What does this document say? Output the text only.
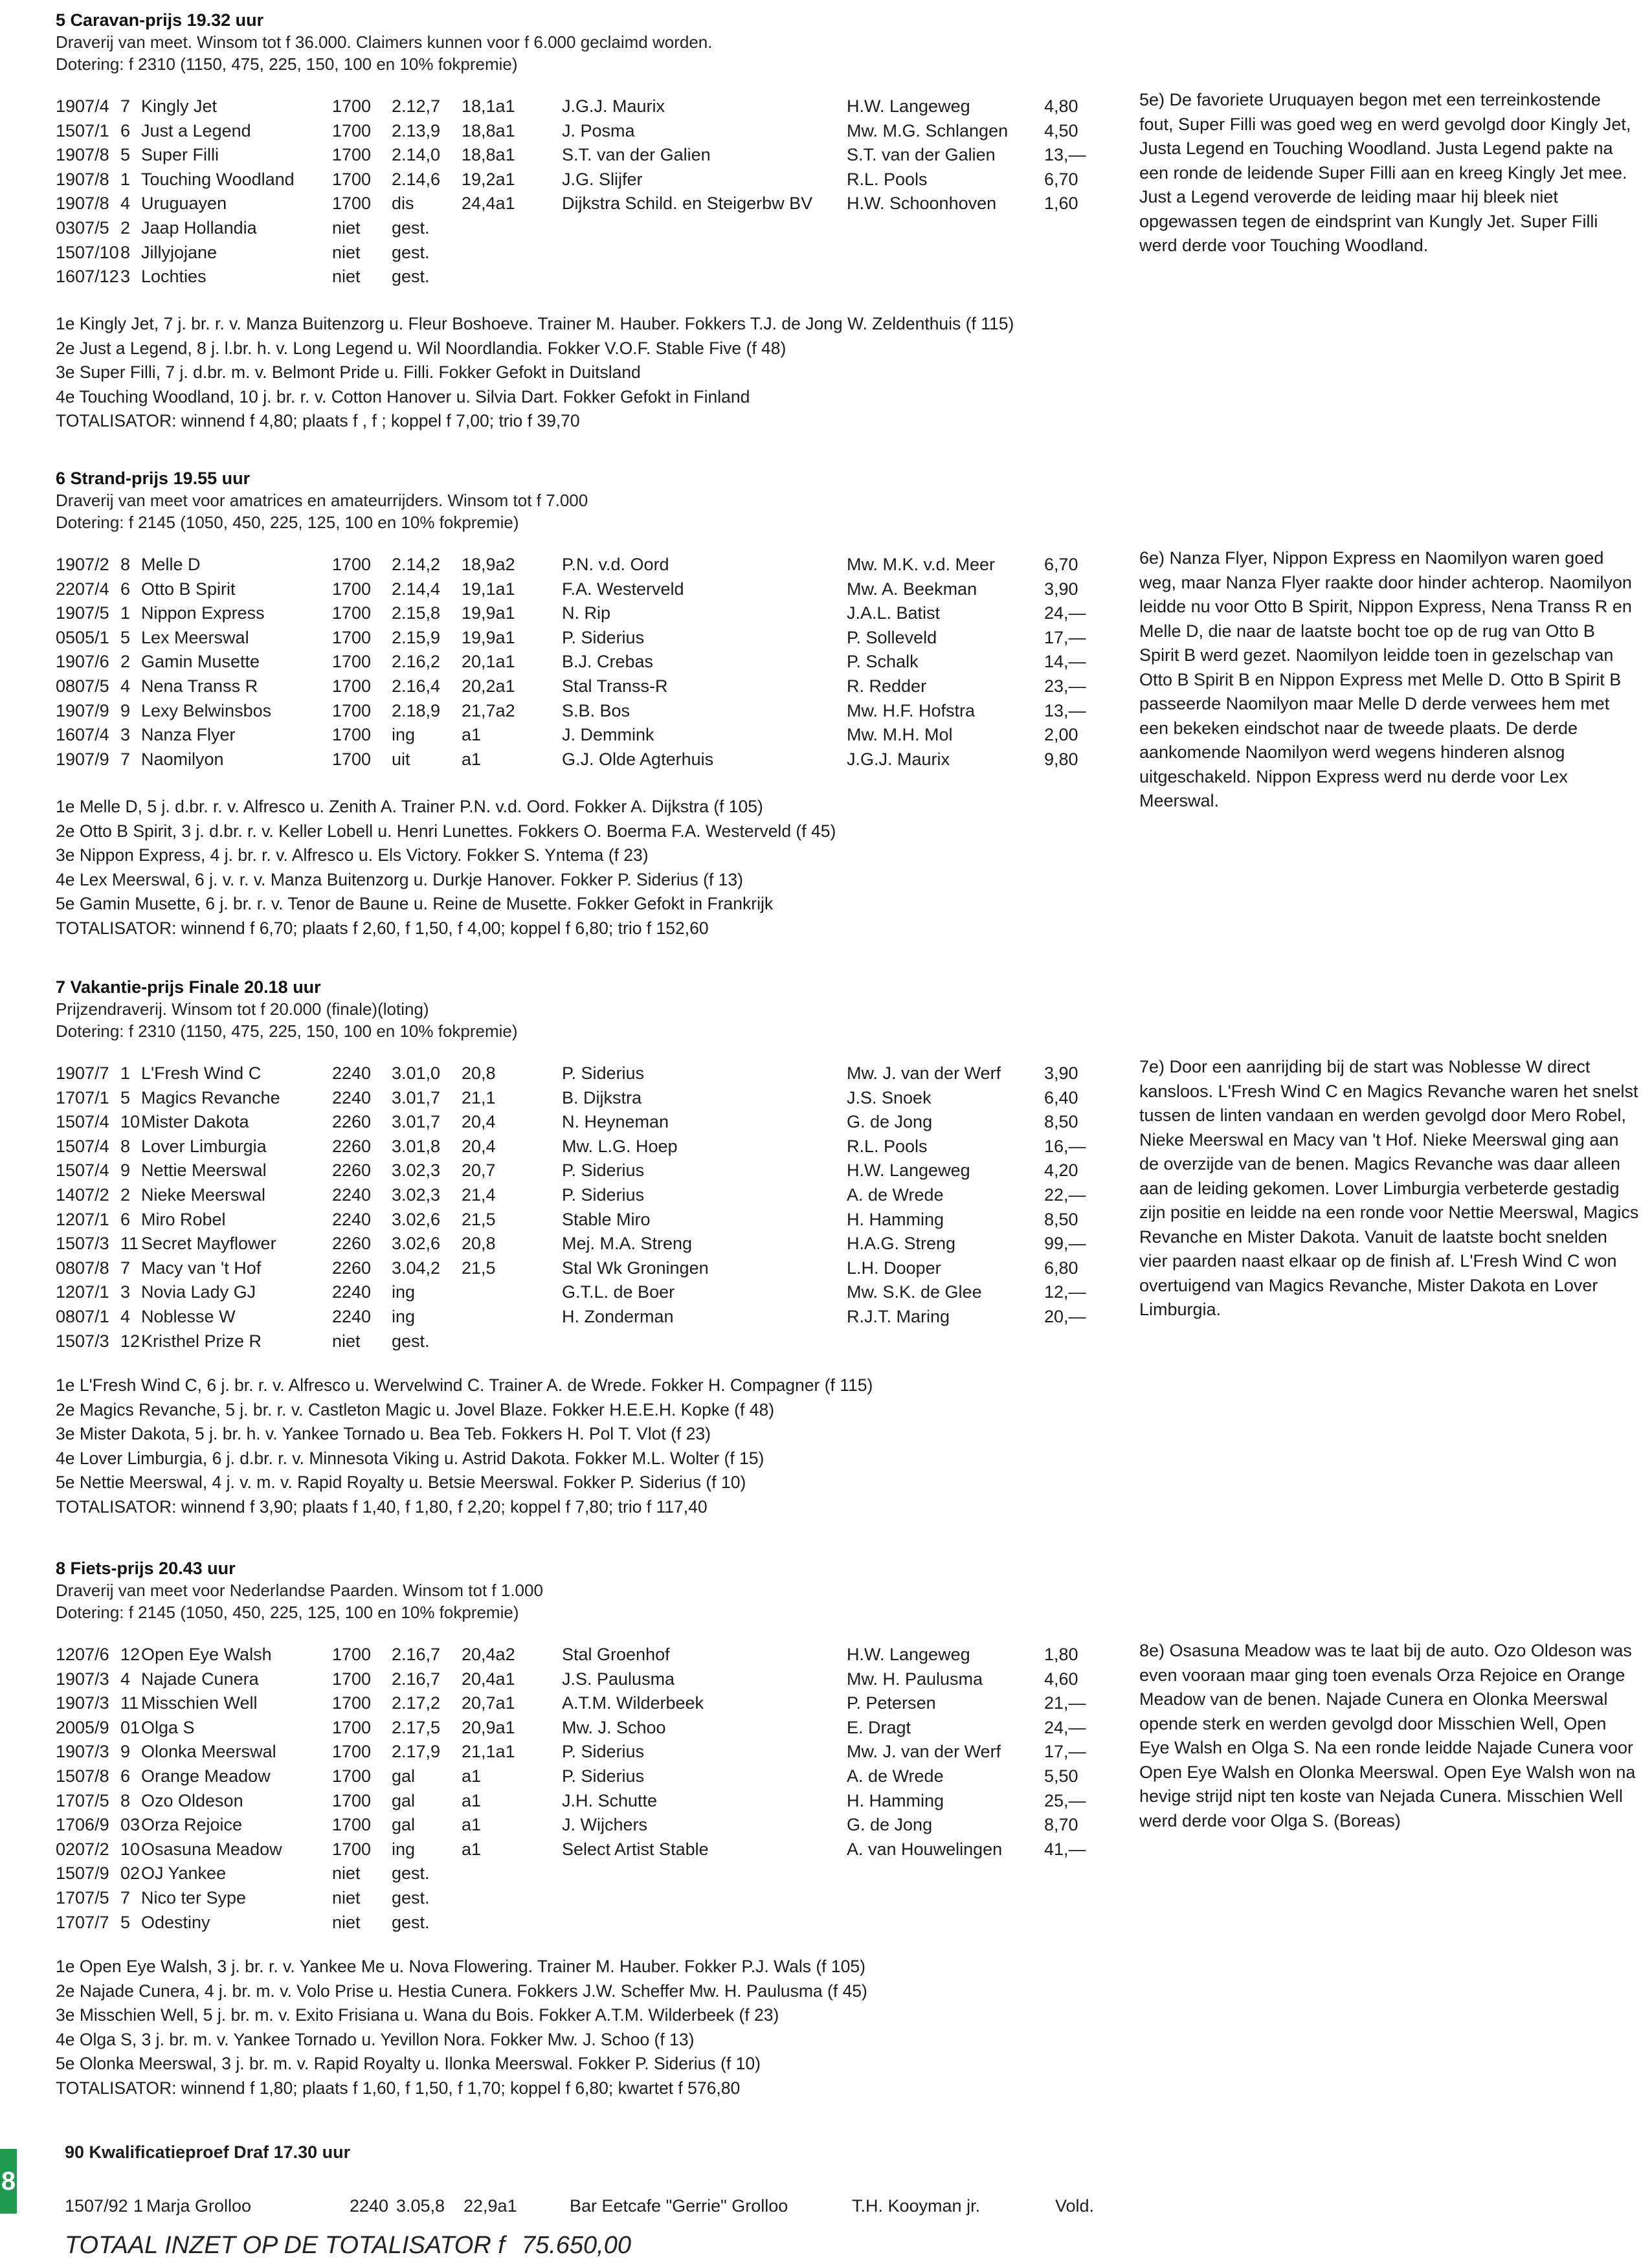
5 Caravan-prijs 19.32 uur
Draverij van meet. Winsom tot f 36.000. Claimers kunnen voor f 6.000 geclaimd worden.
Dotering: f 2310 (1150, 475, 225, 150, 100 en 10% fokpremie)
1907/4	7	Kingly Jet	1700	2.12,7	18,1a1	J.G.J. Maurix	H.W. Langeweg	4,80
1507/1	6	Just a Legend	1700	2.13,9	18,8a1	J. Posma	Mw. M.G. Schlangen	4,50
1907/8	5	Super Filli	1700	2.14,0	18,8a1	S.T. van der Galien	S.T. van der Galien	13,—
1907/8	1	Touching Woodland	1700	2.14,6	19,2a1	J.G. Slijfer	R.L. Pools	6,70
1907/8	4	Uruguayen	1700	dis	24,4a1	Dijkstra Schild. en Steigerbw BV	H.W. Schoonhoven	1,60
0307/5	2	Jaap Hollandia	niet	gest.				
1507/10	8	Jillyjojane	niet	gest.				
1607/12	3	Lochties	niet	gest.				
5e) De favoriete Uruquayen begon met een terreinkostende fout, Super Filli was goed weg en werd gevolgd door Kingly Jet, Justa Legend en Touching Woodland. Justa Legend pakte na een ronde de leidende Super Filli aan en kreeg Kingly Jet mee. Just a Legend veroverde de leiding maar hij bleek niet opgewassen tegen de eindsprint van Kungly Jet. Super Filli werd derde voor Touching Woodland.
1e Kingly Jet, 7 j. br. r. v. Manza Buitenzorg u. Fleur Boshoeve. Trainer M. Hauber. Fokkers T.J. de Jong W. Zeldenthuis (f 115)
2e Just a Legend, 8 j. l.br. h. v. Long Legend u. Wil Noordlandia. Fokker V.O.F. Stable Five (f 48)
3e Super Filli, 7 j. d.br. m. v. Belmont Pride u. Filli. Fokker Gefokt in Duitsland
4e Touching Woodland, 10 j. br. r. v. Cotton Hanover u. Silvia Dart. Fokker Gefokt in Finland
TOTALISATOR: winnend f 4,80; plaats f , f ; koppel f 7,00; trio f 39,70
6 Strand-prijs 19.55 uur
Draverij van meet voor amatrices en amateurrijders. Winsom tot f 7.000
Dotering: f 2145 (1050, 450, 225, 125, 100 en 10% fokpremie)
1907/2	8	Melle D	1700	2.14,2	18,9a2	P.N. v.d. Oord	Mw. M.K. v.d. Meer	6,70
2207/4	6	Otto B Spirit	1700	2.14,4	19,1a1	F.A. Westerveld	Mw. A. Beekman	3,90
1907/5	1	Nippon Express	1700	2.15,8	19,9a1	N. Rip	J.A.L. Batist	24,—
0505/1	5	Lex Meerswal	1700	2.15,9	19,9a1	P. Siderius	P. Solleveld	17,—
1907/6	2	Gamin Musette	1700	2.16,2	20,1a1	B.J. Crebas	P. Schalk	14,—
0807/5	4	Nena Transs R	1700	2.16,4	20,2a1	Stal Transs-R	R. Redder	23,—
1907/9	9	Lexy Belwinsbos	1700	2.18,9	21,7a2	S.B. Bos	Mw. H.F. Hofstra	13,—
1607/4	3	Nanza Flyer	1700	ing	a1	J. Demmink	Mw. M.H. Mol	2,00
1907/9	7	Naomilyon	1700	uit	a1	G.J. Olde Agterhuis	J.G.J. Maurix	9,80
6e) Nanza Flyer, Nippon Express en Naomilyon waren goed weg, maar Nanza Flyer raakte door hinder achterop. Naomilyon leidde nu voor Otto B Spirit, Nippon Express, Nena Transs R en Melle D, die naar de laatste bocht toe op de rug van Otto B Spirit B werd gezet. Naomilyon leidde toen in gezelschap van Otto B Spirit B en Nippon Express met Melle D. Otto B Spirit B passeerde Naomilyon maar Melle D derde verwees hem met een bekeken eindschot naar de tweede plaats. De derde aankomende Naomilyon werd wegens hinderen alsnog uitgeschakeld. Nippon Express werd nu derde voor Lex Meerswal.
1e Melle D, 5 j. d.br. r. v. Alfresco u. Zenith A. Trainer P.N. v.d. Oord. Fokker A. Dijkstra (f 105)
2e Otto B Spirit, 3 j. d.br. r. v. Keller Lobell u. Henri Lunettes. Fokkers O. Boerma F.A. Westerveld (f 45)
3e Nippon Express, 4 j. br. r. v. Alfresco u. Els Victory. Fokker S. Yntema (f 23)
4e Lex Meerswal, 6 j. v. r. v. Manza Buitenzorg u. Durkje Hanover. Fokker P. Siderius (f 13)
5e Gamin Musette, 6 j. br. r. v. Tenor de Baune u. Reine de Musette. Fokker Gefokt in Frankrijk
TOTALISATOR: winnend f 6,70; plaats f 2,60, f 1,50, f 4,00; koppel f 6,80; trio f 152,60
7 Vakantie-prijs Finale 20.18 uur
Prijzendraverij. Winsom tot f 20.000 (finale)(loting)
Dotering: f 2310 (1150, 475, 225, 150, 100 en 10% fokpremie)
1907/7	1	L'Fresh Wind C	2240	3.01,0	20,8	P. Siderius	Mw. J. van der Werf	3,90
1707/1	5	Magics Revanche	2240	3.01,7	21,1	B. Dijkstra	J.S. Snoek	6,40
1507/4	10	Mister Dakota	2260	3.01,7	20,4	N. Heyneman	G. de Jong	8,50
1507/4	8	Lover Limburgia	2260	3.01,8	20,4	Mw. L.G. Hoep	R.L. Pools	16,—
1507/4	9	Nettie Meerswal	2260	3.02,3	20,7	P. Siderius	H.W. Langeweg	4,20
1407/2	2	Nieke Meerswal	2240	3.02,3	21,4	P. Siderius	A. de Wrede	22,—
1207/1	6	Miro Robel	2240	3.02,6	21,5	Stable Miro	H. Hamming	8,50
1507/3	11	Secret Mayflower	2260	3.02,6	20,8	Mej. M.A. Streng	H.A.G. Streng	99,—
0807/8	7	Macy van 't Hof	2260	3.04,2	21,5	Stal Wk Groningen	L.H. Dooper	6,80
1207/1	3	Novia Lady GJ	2240	ing		G.T.L. de Boer	Mw. S.K. de Glee	12,—
0807/1	4	Noblesse W	2240	ing		H. Zonderman	R.J.T. Maring	20,—
1507/3	12	Kristhel Prize R	niet	gest.				
7e) Door een aanrijding bij de start was Noblesse W direct kansloos. L'Fresh Wind C en Magics Revanche waren het snelst tussen de linten vandaan en werden gevolgd door Mero Robel, Nieke Meerswal en Macy van 't Hof. Nieke Meerswal ging aan de overzijde van de benen. Magics Revanche was daar alleen aan de leiding gekomen. Lover Limburgia verbeterde gestadig zijn positie en leidde na een ronde voor Nettie Meerswal, Magics Revanche en Mister Dakota. Vanuit de laatste bocht snelden vier paarden naast elkaar op de finish af. L'Fresh Wind C won overtuigend van Magics Revanche, Mister Dakota en Lover Limburgia.
1e L'Fresh Wind C, 6 j. br. r. v. Alfresco u. Wervelwind C. Trainer A. de Wrede. Fokker H. Compagner (f 115)
2e Magics Revanche, 5 j. br. r. v. Castleton Magic u. Jovel Blaze. Fokker H.E.E.H. Kopke (f 48)
3e Mister Dakota, 5 j. br. h. v. Yankee Tornado u. Bea Teb. Fokkers H. Pol T. Vlot (f 23)
4e Lover Limburgia, 6 j. d.br. r. v. Minnesota Viking u. Astrid Dakota. Fokker M.L. Wolter (f 15)
5e Nettie Meerswal, 4 j. v. m. v. Rapid Royalty u. Betsie Meerswal. Fokker P. Siderius (f 10)
TOTALISATOR: winnend f 3,90; plaats f 1,40, f 1,80, f 2,20; koppel f 7,80; trio f 117,40
8 Fiets-prijs 20.43 uur
Draverij van meet voor Nederlandse Paarden. Winsom tot f 1.000
Dotering: f 2145 (1050, 450, 225, 125, 100 en 10% fokpremie)
1207/6	12	Open Eye Walsh	1700	2.16,7	20,4a2	Stal Groenhof	H.W. Langeweg	1,80
1907/3	4	Najade Cunera	1700	2.16,7	20,4a1	J.S. Paulusma	Mw. H. Paulusma	4,60
1907/3	11	Misschien Well	1700	2.17,2	20,7a1	A.T.M. Wilderbeek	P. Petersen	21,—
2005/9	01	Olga S	1700	2.17,5	20,9a1	Mw. J. Schoo	E. Dragt	24,—
1907/3	9	Olonka Meerswal	1700	2.17,9	21,1a1	P. Siderius	Mw. J. van der Werf	17,—
1507/8	6	Orange Meadow	1700	gal	a1	P. Siderius	A. de Wrede	5,50
1707/5	8	Ozo Oldeson	1700	gal	a1	J.H. Schutte	H. Hamming	25,—
1706/9	03	Orza Rejoice	1700	gal	a1	J. Wijchers	G. de Jong	8,70
0207/2	10	Osasuna Meadow	1700	ing	a1	Select Artist Stable	A. van Houwelingen	41,—
1507/9	02	OJ Yankee	niet	gest.				
1707/5	7	Nico ter Sype	niet	gest.				
1707/7	5	Odestiny	niet	gest.				
8e) Osasuna Meadow was te laat bij de auto. Ozo Oldeson was even vooraan maar ging toen evenals Orza Rejoice en Orange Meadow van de benen. Najade Cunera en Olonka Meerswal opende sterk en werden gevolgd door Misschien Well, Open Eye Walsh en Olga S. Na een ronde leidde Najade Cunera voor Open Eye Walsh en Olonka Meerswal. Open Eye Walsh won na hevige strijd nipt ten koste van Nejada Cunera. Misschien Well werd derde voor Olga S. (Boreas)
1e Open Eye Walsh, 3 j. br. r. v. Yankee Me u. Nova Flowering. Trainer M. Hauber. Fokker P.J. Wals (f 105)
2e Najade Cunera, 4 j. br. m. v. Volo Prise u. Hestia Cunera. Fokkers J.W. Scheffer Mw. H. Paulusma (f 45)
3e Misschien Well, 5 j. br. m. v. Exito Frisiana u. Wana du Bois. Fokker A.T.M. Wilderbeek (f 23)
4e Olga S, 3 j. br. m. v. Yankee Tornado u. Yevillon Nora. Fokker Mw. J. Schoo (f 13)
5e Olonka Meerswal, 3 j. br. m. v. Rapid Royalty u. Ilonka Meerswal. Fokker P. Siderius (f 10)
TOTALISATOR: winnend f 1,80; plaats f 1,60, f 1,50, f 1,70; koppel f 6,80; kwartet f 576,80
8
90 Kwalificatieproef Draf 17.30 uur
1507/92 1 Marja Grolloo	2240 3.05,8 22,9a1	Bar Eetcafe "Gerrie" Grolloo	T.H. Kooyman jr.	Vold.
TOTAAL INZET OP DE TOTALISATOR f 75.650,00
